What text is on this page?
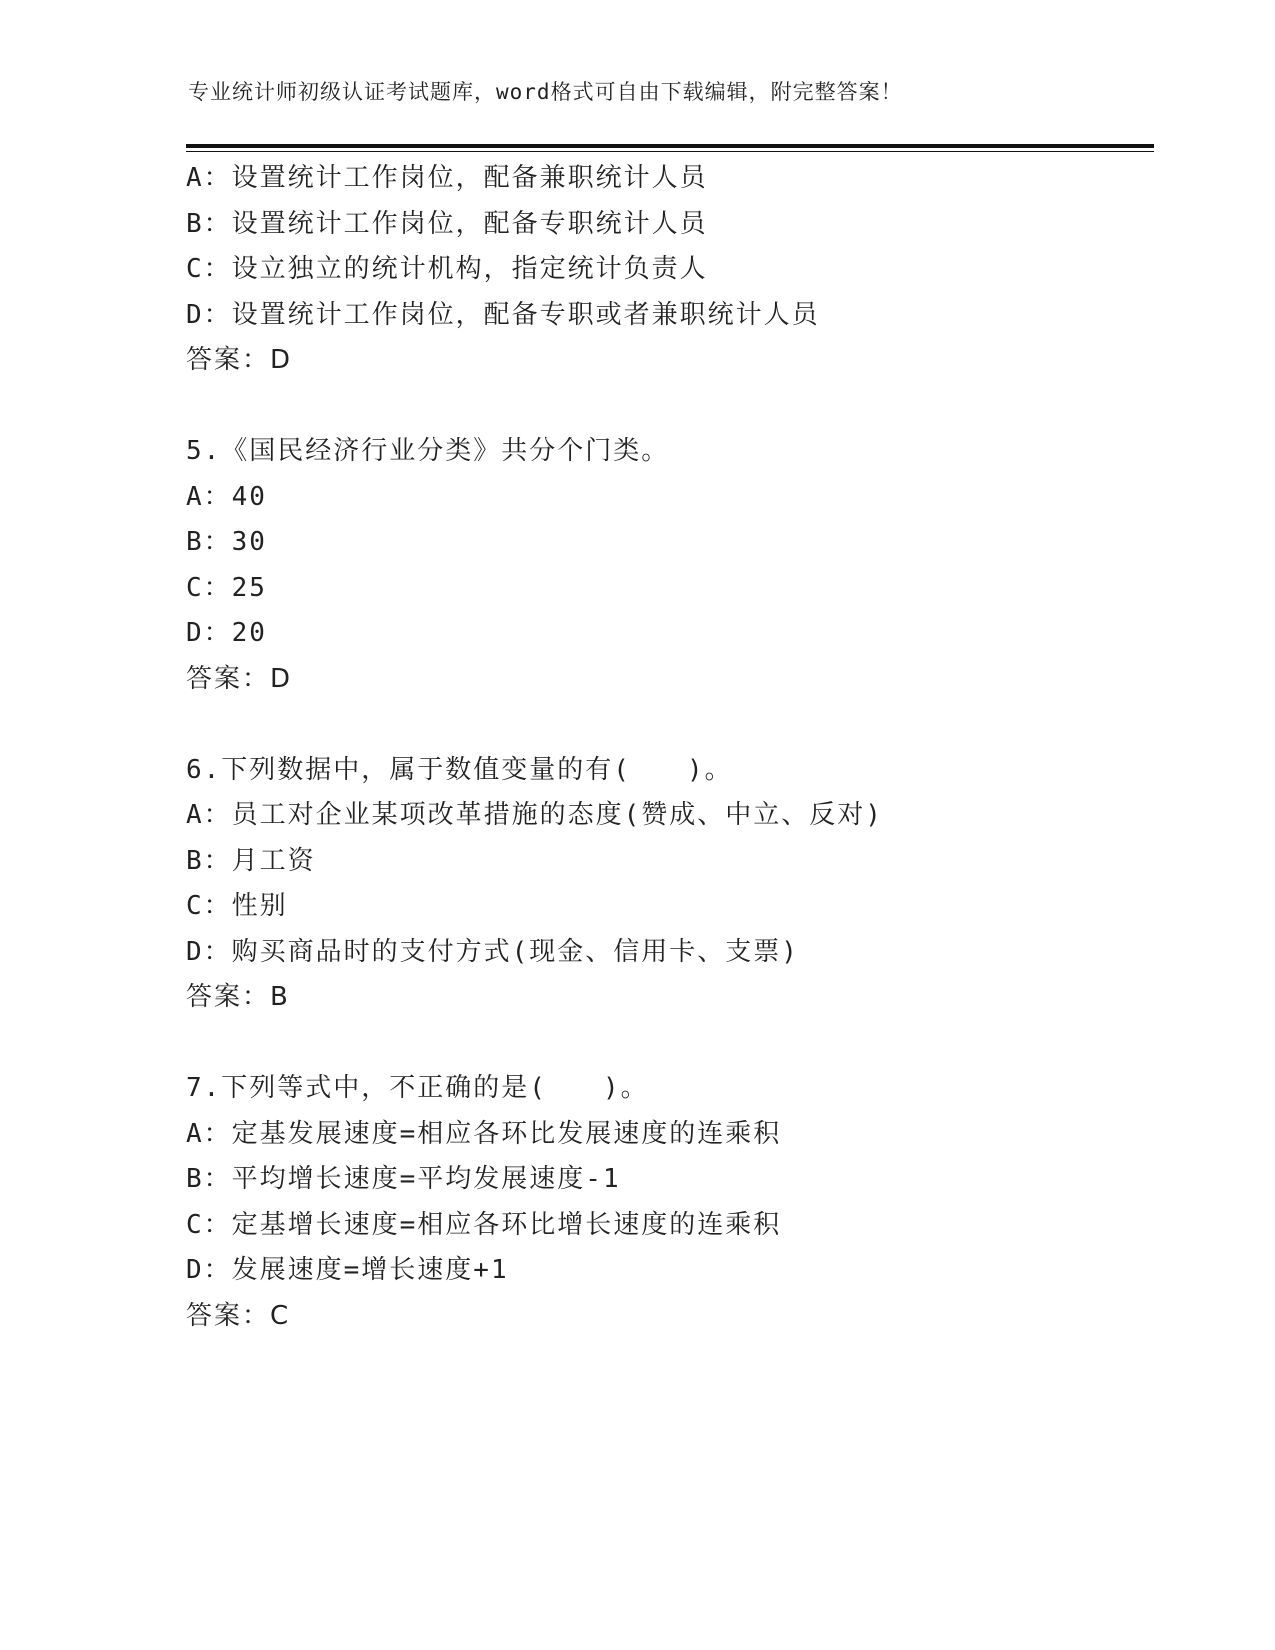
专业统计师初级认证考试题库，word格式可自由下载编辑，附完整答案！
A：设置统计工作岗位，配备兼职统计人员
B：设置统计工作岗位，配备专职统计人员
C：设立独立的统计机构，指定统计负责人
D：设置统计工作岗位，配备专职或者兼职统计人员
答案：D
5.《国民经济行业分类》共分个门类。
A：40
B：30
C：25
D：20
答案：D
6.下列数据中，属于数值变量的有(　　)。
A：员工对企业某项改革措施的态度(赞成、中立、反对)
B：月工资
C：性别
D：购买商品时的支付方式(现金、信用卡、支票)
答案：B
7.下列等式中，不正确的是(　　)。
A：定基发展速度=相应各环比发展速度的连乘积
B：平均增长速度=平均发展速度-1
C：定基增长速度=相应各环比增长速度的连乘积
D：发展速度=增长速度+1
答案：C
